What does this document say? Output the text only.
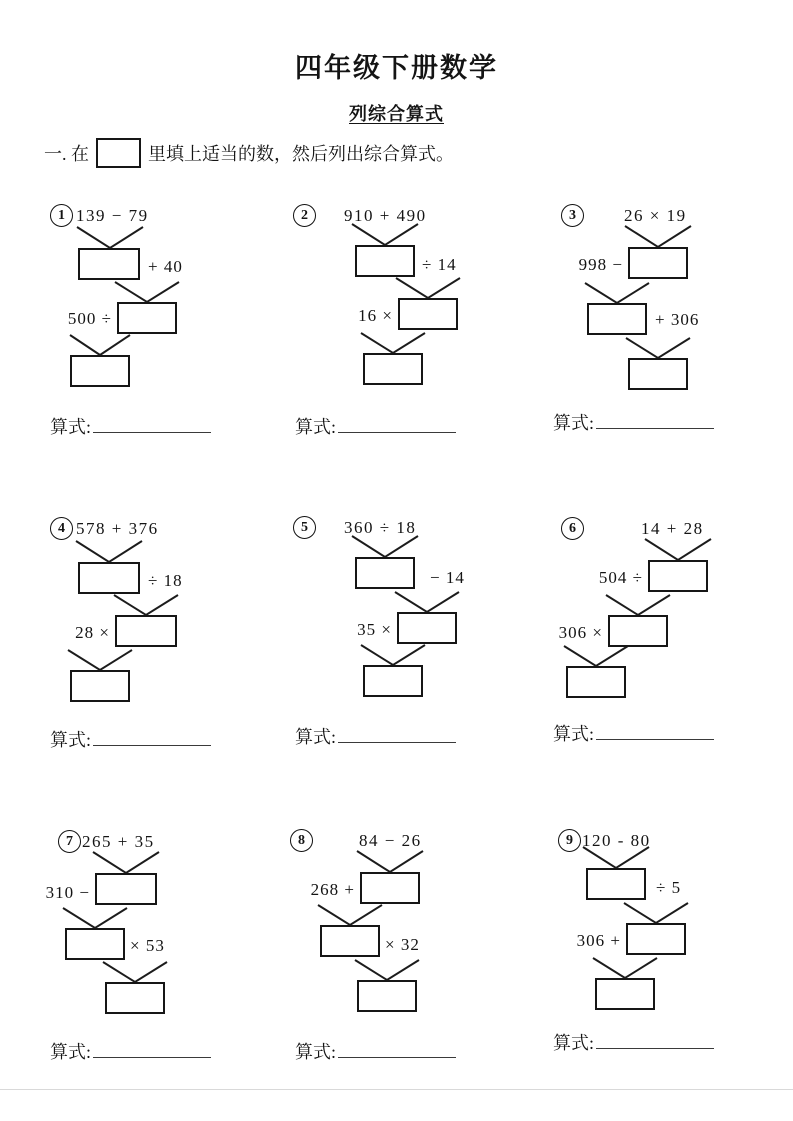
四年级下册数学
列综合算式
一. 在	里填上适当的数，然后列出综合算式。
1 139 − 79
+ 40
500 ÷
算式:
2	910 + 490
÷ 14
16 ×
算式:
3	26 × 19
998 −
+ 306
算式:
4 578 + 376
÷ 18
28 ×
算式:
5	360 ÷ 18
− 14
35 ×
算式:
6	14 + 28
504 ÷
306 ×
算式:
7 265 + 35
310 −
× 53
算式:
8	84 − 26
268 +
× 32
算式:
9 120 - 80
÷ 5
306 +
算式:
